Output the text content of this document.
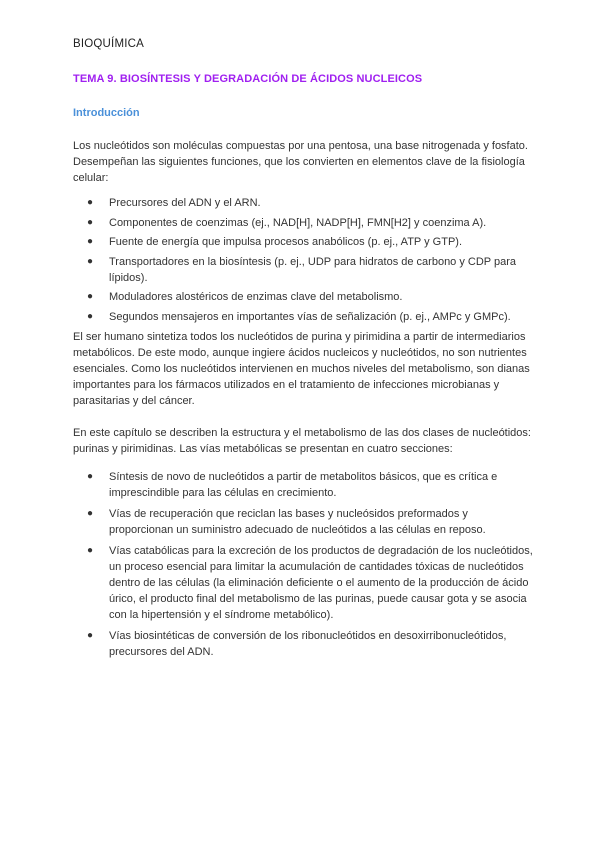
BIOQUÍMICA
TEMA 9. BIOSÍNTESIS Y DEGRADACIÓN DE ÁCIDOS NUCLEICOS
Introducción

Los nucleótidos son moléculas compuestas por una pentosa, una base nitrogenada y fosfato. Desempeñan las siguientes funciones, que los convierten en elementos clave de la fisiología celular:

● Precursores del ADN y el ARN.
● Componentes de coenzimas (ej., NAD[H], NADP[H], FMN[H2] y coenzima A).
● Fuente de energía que impulsa procesos anabólicos (p. ej., ATP y GTP).
● Transportadores en la biosíntesis (p. ej., UDP para hidratos de carbono y CDP para lípidos).
● Moduladores alostéricos de enzimas clave del metabolismo.
● Segundos mensajeros en importantes vías de señalización (p. ej., AMPc y GMPc).

El ser humano sintetiza todos los nucleótidos de purina y pirimidina a partir de intermediarios metabólicos. De este modo, aunque ingiere ácidos nucleicos y nucleótidos, no son nutrientes esenciales. Como los nucleótidos intervienen en muchos niveles del metabolismo, son dianas importantes para los fármacos utilizados en el tratamiento de infecciones microbianas y parasitarias y del cáncer.

En este capítulo se describen la estructura y el metabolismo de las dos clases de nucleótidos: purinas y pirimidinas. Las vías metabólicas se presentan en cuatro secciones:

● Síntesis de novo de nucleótidos a partir de metabolitos básicos, que es crítica e imprescindible para las células en crecimiento.
● Vías de recuperación que reciclan las bases y nucleósidos preformados y proporcionan un suministro adecuado de nucleótidos a las células en reposo.
● Vías catabólicas para la excreción de los productos de degradación de los nucleótidos, un proceso esencial para limitar la acumulación de cantidades tóxicas de nucleótidos dentro de las células (la eliminación deficiente o el aumento de la producción de ácido úrico, el producto final del metabolismo de las purinas, puede causar gota y se asocia con la hipertensión y el síndrome metabólico).
● Vías biosintéticas de conversión de los ribonucleótidos en desoxirribonucleótidos, precursores del ADN.
